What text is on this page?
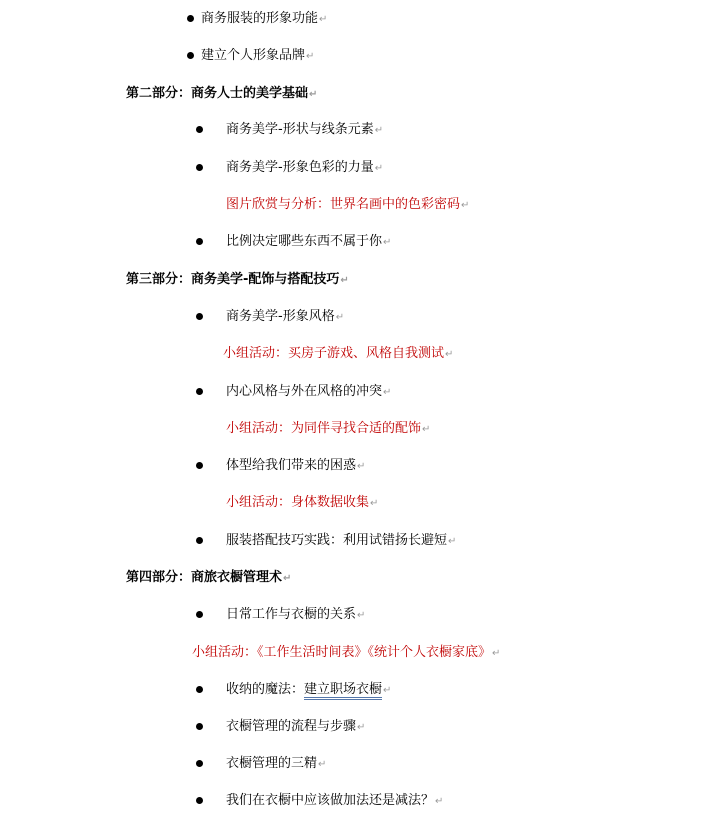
商务服装的形象功能↵
建立个人形象品牌↵
第二部分：商务人士的美学基础↵
商务美学-形状与线条元素↵
商务美学-形象色彩的力量↵
图片欣赏与分析：世界名画中的色彩密码↵
比例决定哪些东西不属于你↵
第三部分：商务美学-配饰与搭配技巧↵
商务美学-形象风格↵
小组活动：买房子游戏、风格自我测试↵
内心风格与外在风格的冲突↵
小组活动：为同伴寻找合适的配饰↵
体型给我们带来的困惑↵
小组活动：身体数据收集↵
服装搭配技巧实践：利用试错扬长避短↵
第四部分：商旅衣橱管理术↵
日常工作与衣橱的关系↵
小组活动：《工作生活时间表》《统计个人衣橱家底》↵
收纳的魔法：建立职场衣橱↵
衣橱管理的流程与步骤↵
衣橱管理的三精↵
我们在衣橱中应该做加法还是减法？↵
